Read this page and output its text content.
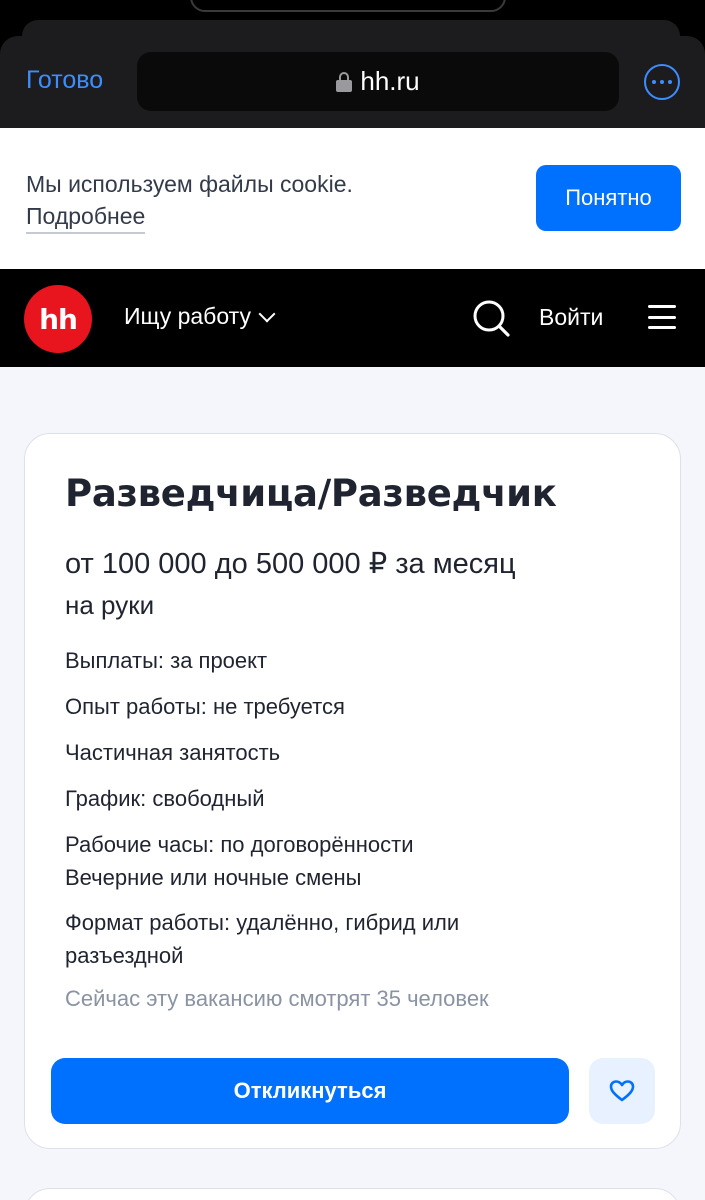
Готово	hh.ru
Мы используем файлы cookie.
Подробнее
Понятно
hh	Ищу работу	Войти
Разведчица/Разведчик
от 100 000 до 500 000 ₽ за месяц
на руки
Выплаты: за проект
Опыт работы: не требуется
Частичная занятость
График: свободный
Рабочие часы: по договорённости
Вечерние или ночные смены
Формат работы: удалённо, гибрид или
разъездной
Сейчас эту вакансию смотрят 35 человек
Откликнуться
